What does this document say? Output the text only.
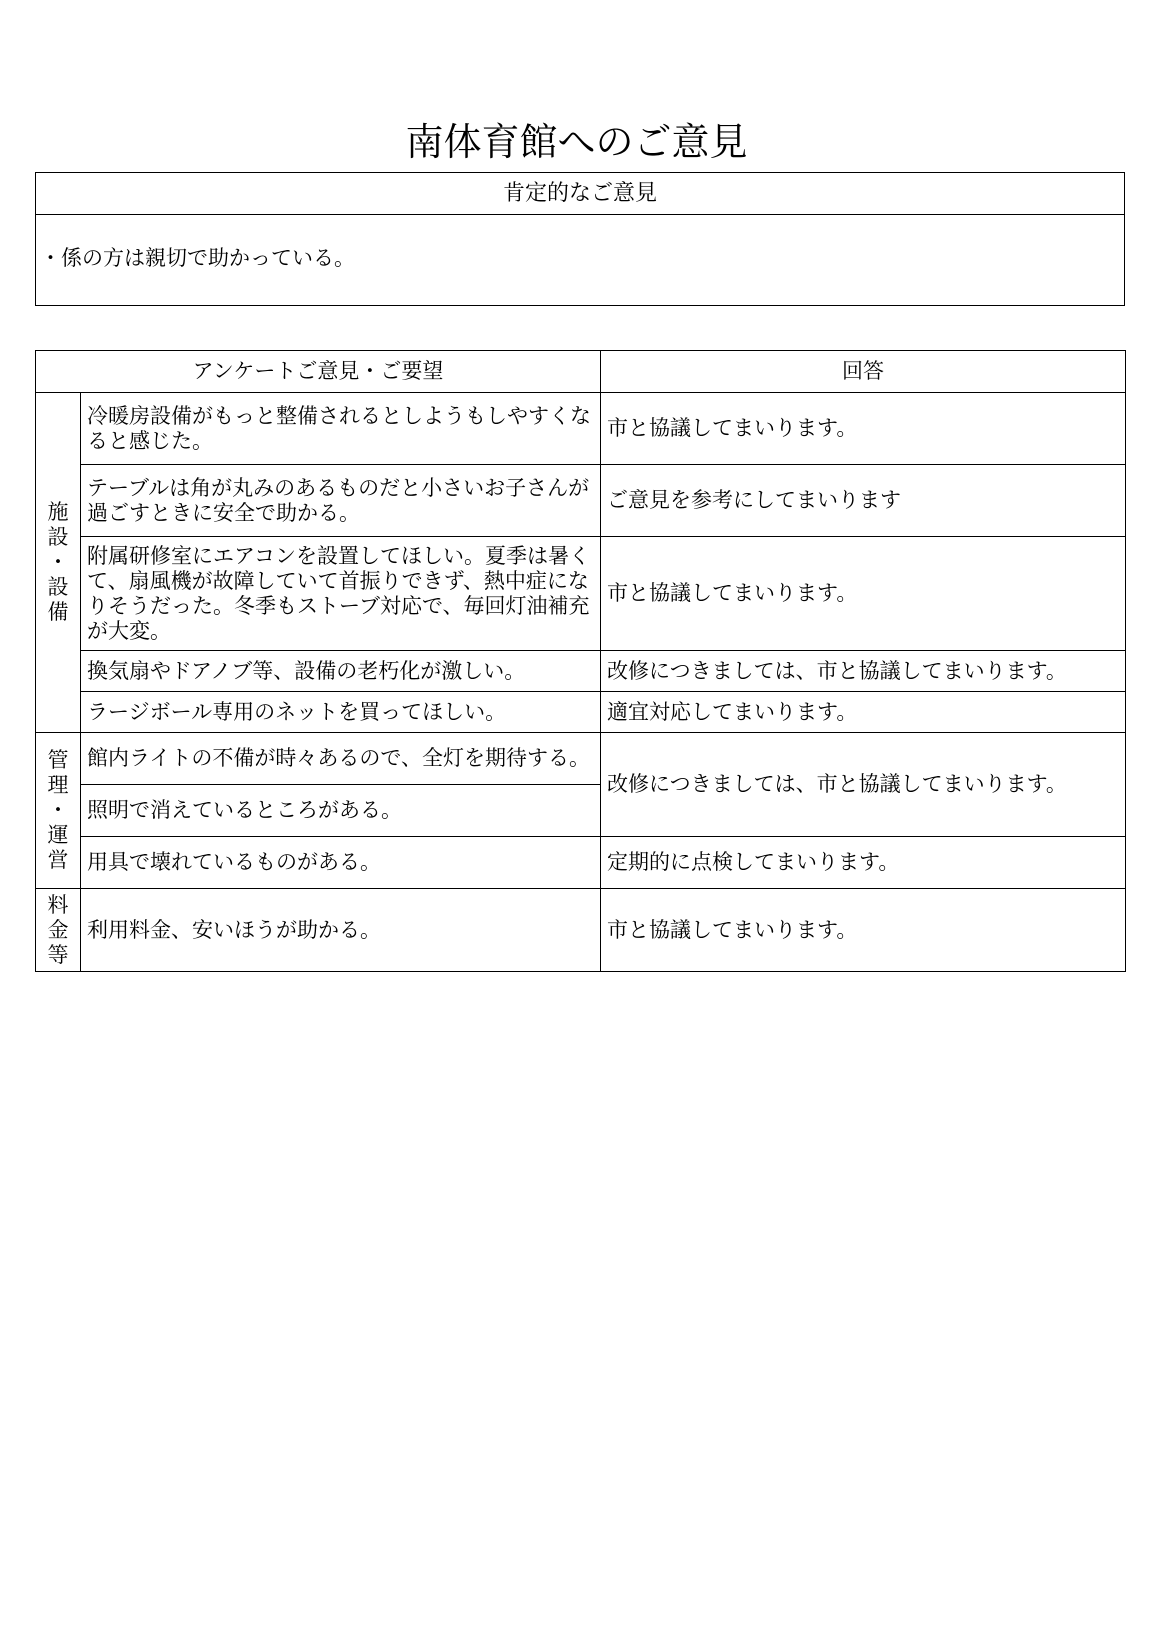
南体育館へのご意見
肯定的なご意見
・係の方は親切で助かっている。
アンケートご意見・ご要望		回答

施
設
・
設
備	冷暖房設備がもっと整備されるとしようもしやすくなると感じた。	市と協議してまいります。
	テーブルは角が丸みのあるものだと小さいお子さんが過ごすときに安全で助かる。	ご意見を参考にしてまいります
	附属研修室にエアコンを設置してほしい。夏季は暑くて、扇風機が故障していて首振りできず、熱中症になりそうだった。冬季もストーブ対応で、毎回灯油補充が大変。	市と協議してまいります。
	換気扇やドアノブ等、設備の老朽化が激しい。	改修につきましては、市と協議してまいります。
	ラージボール専用のネットを買ってほしい。	適宜対応してまいります。

管
理
・
運
営	館内ライトの不備が時々あるので、全灯を期待する。	改修につきましては、市と協議してまいります。
	照明で消えているところがある。	
	用具で壊れているものがある。	定期的に点検してまいります。

料
金
等	利用料金、安いほうが助かる。	市と協議してまいります。
